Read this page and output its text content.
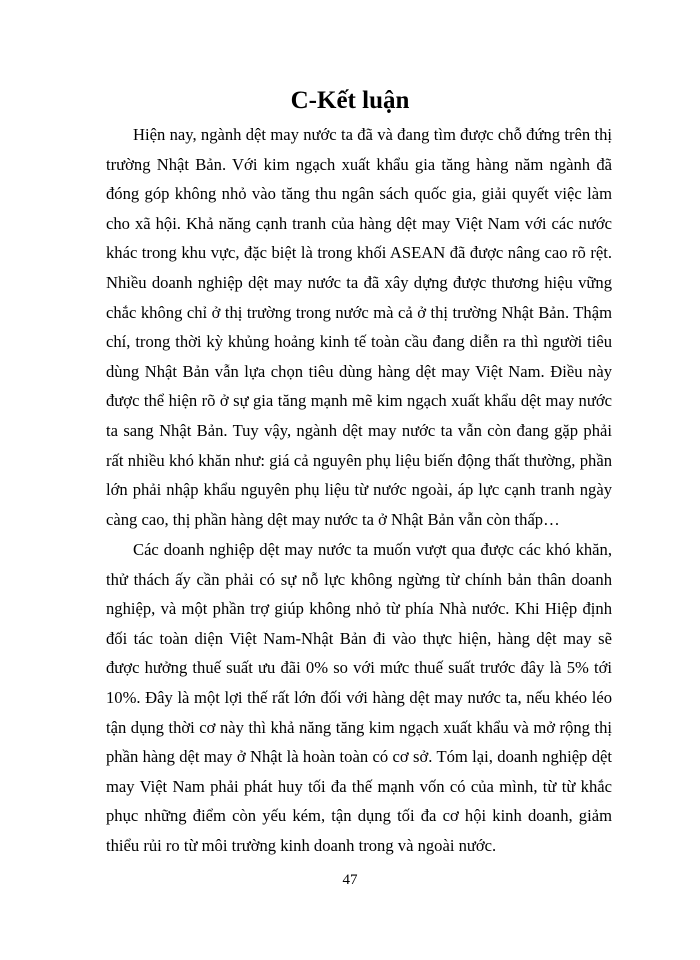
C-Kết luận

Hiện nay, ngành dệt may nước ta đã và đang tìm được chỗ đứng trên thị trường Nhật Bản. Với kim ngạch xuất khẩu gia tăng hàng năm ngành đã đóng góp không nhỏ vào tăng thu ngân sách quốc gia, giải quyết việc làm cho xã hội. Khả năng cạnh tranh của hàng dệt may Việt Nam với các nước khác trong khu vực, đặc biệt là trong khối ASEAN đã được nâng cao rõ rệt. Nhiều doanh nghiệp dệt may nước ta đã xây dựng được thương hiệu vững chắc không chỉ ở thị trường trong nước mà cả ở thị trường Nhật Bản. Thậm chí, trong thời kỳ khủng hoảng kinh tế toàn cầu đang diễn ra thì người tiêu dùng Nhật Bản vẫn lựa chọn tiêu dùng hàng dệt may Việt Nam. Điều này được thể hiện rõ ở sự gia tăng mạnh mẽ kim ngạch xuất khẩu dệt may nước ta sang Nhật Bản. Tuy vậy, ngành dệt may nước ta vẫn còn đang gặp phải rất nhiều khó khăn như: giá cả nguyên phụ liệu biến động thất thường, phần lớn phải nhập khẩu nguyên phụ liệu từ nước ngoài, áp lực cạnh tranh ngày càng cao, thị phần hàng dệt may nước ta ở Nhật Bản vẫn còn thấp…

Các doanh nghiệp dệt may nước ta muốn vượt qua được các khó khăn, thử thách ấy cần phải có sự nỗ lực không ngừng từ chính bản thân doanh nghiệp, và một phần trợ giúp không nhỏ từ phía Nhà nước. Khi Hiệp định đối tác toàn diện Việt Nam-Nhật Bản đi vào thực hiện, hàng dệt may sẽ được hưởng thuế suất ưu đãi 0% so với mức thuế suất trước đây là 5% tới 10%. Đây là một lợi thế rất lớn đối với hàng dệt may nước ta, nếu khéo léo tận dụng thời cơ này thì khả năng tăng kim ngạch xuất khẩu và mở rộng thị phần hàng dệt may ở Nhật là hoàn toàn có cơ sở. Tóm lại, doanh nghiệp dệt may Việt Nam phải phát huy tối đa thế mạnh vốn có của mình, từ từ khắc phục những điểm còn yếu kém, tận dụng tối đa cơ hội kinh doanh, giảm thiểu rủi ro từ môi trường kinh doanh trong và ngoài nước.

47
